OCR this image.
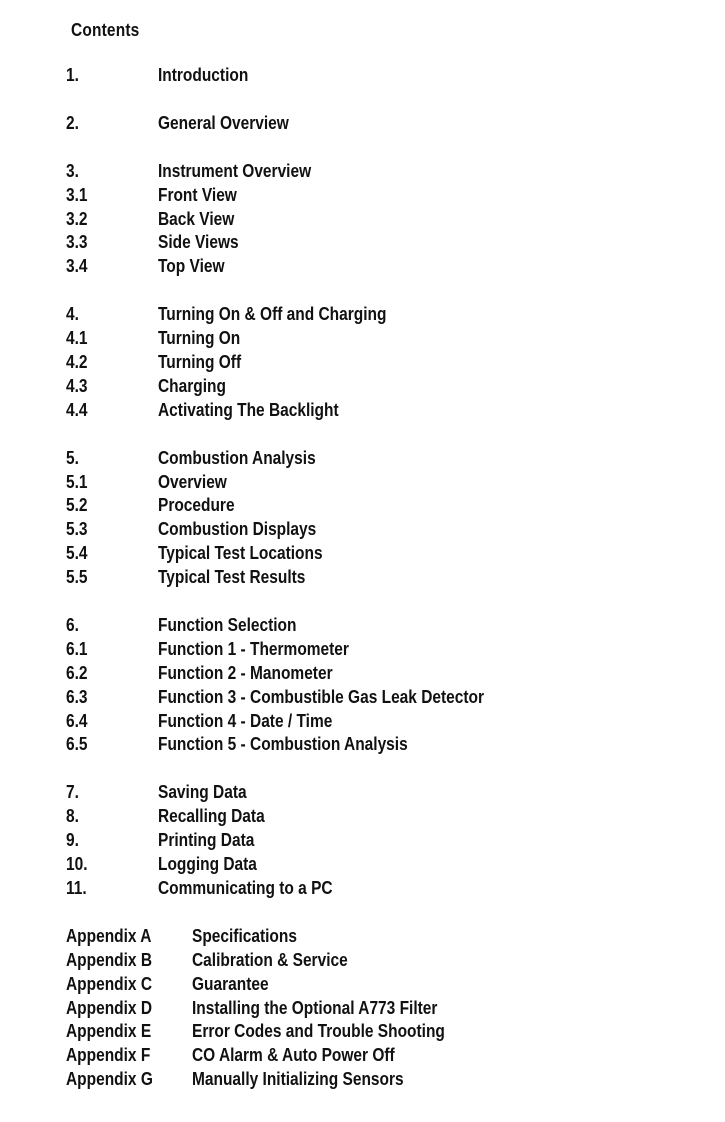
Contents
1.	Introduction
2.	General Overview
3.	Instrument Overview
3.1	Front View
3.2	Back View
3.3	Side Views
3.4	Top View
4.	Turning On & Off and Charging
4.1	Turning On
4.2	Turning Off
4.3	Charging
4.4	Activating The Backlight
5.	Combustion Analysis
5.1	Overview
5.2	Procedure
5.3	Combustion Displays
5.4	Typical Test Locations
5.5	Typical Test Results
6.	Function Selection
6.1	Function 1 - Thermometer
6.2	Function 2 - Manometer
6.3	Function 3 - Combustible Gas Leak Detector
6.4	Function 4 - Date / Time
6.5	Function 5 - Combustion Analysis
7.	Saving Data
8.	Recalling Data
9.	Printing Data
10.	Logging Data
11.	Communicating to a PC
Appendix A Specifications
Appendix B Calibration & Service
Appendix C Guarantee
Appendix D Installing the Optional A773 Filter
Appendix E Error Codes and Trouble Shooting
Appendix F CO Alarm & Auto Power Off
Appendix G Manually Initializing Sensors
